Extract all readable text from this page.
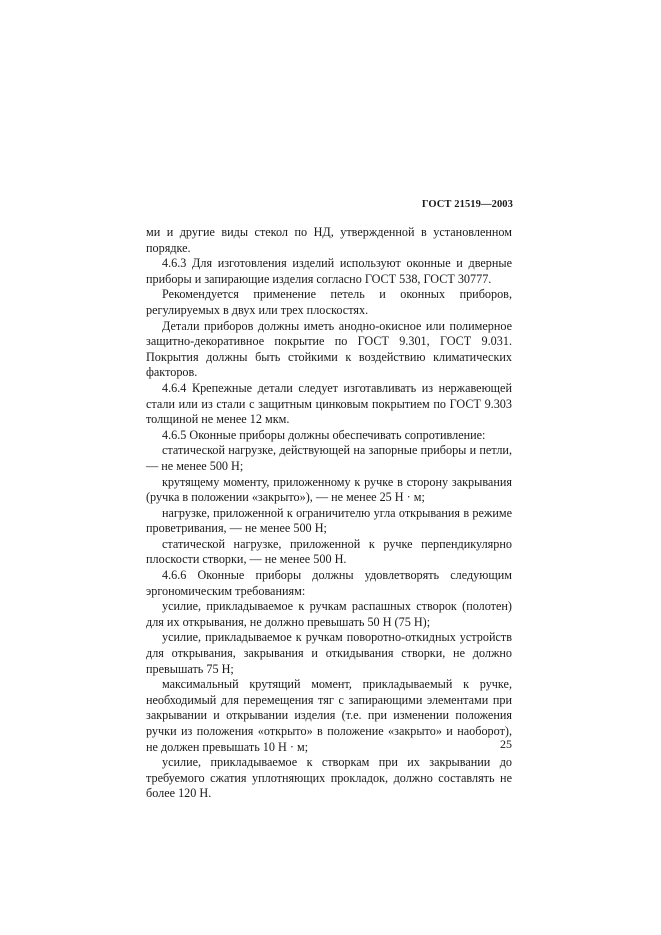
ГОСТ 21519—2003

ми и другие виды стекол по НД, утвержденной в установленном порядке.

4.6.3 Для изготовления изделий используют оконные и дверные приборы и запирающие изделия согласно ГОСТ 538, ГОСТ 30777.

Рекомендуется применение петель и оконных приборов, регулируемых в двух или трех плоскостях.

Детали приборов должны иметь анодно-окисное или полимерное защитно-декоративное покрытие по ГОСТ 9.301, ГОСТ 9.031. Покрытия должны быть стойкими к воздействию климатических факторов.

4.6.4 Крепежные детали следует изготавливать из нержавеющей стали или из стали с защитным цинковым покрытием по ГОСТ 9.303 толщиной не менее 12 мкм.

4.6.5 Оконные приборы должны обеспечивать сопротивление:

статической нагрузке, действующей на запорные приборы и петли, — не менее 500 Н;

крутящему моменту, приложенному к ручке в сторону закрывания (ручка в положении «закрыто»), — не менее 25 Н · м;

нагрузке, приложенной к ограничителю угла открывания в режиме проветривания, — не менее 500 Н;

статической нагрузке, приложенной к ручке перпендикулярно плоскости створки, — не менее 500 Н.

4.6.6 Оконные приборы должны удовлетворять следующим эргономическим требованиям:

усилие, прикладываемое к ручкам распашных створок (полотен) для их открывания, не должно превышать 50 Н (75 Н);

усилие, прикладываемое к ручкам поворотно-откидных устройств для открывания, закрывания и откидывания створки, не должно превышать 75 Н;

максимальный крутящий момент, прикладываемый к ручке, необходимый для перемещения тяг с запирающими элементами при закрывании и открывании изделия (т.е. при изменении положения ручки из положения «открыто» в положение «закрыто» и наоборот), не должен превышать 10 Н · м;

усилие, прикладываемое к створкам при их закрывании до требуемого сжатия уплотняющих прокладок, должно составлять не более 120 Н.

25
